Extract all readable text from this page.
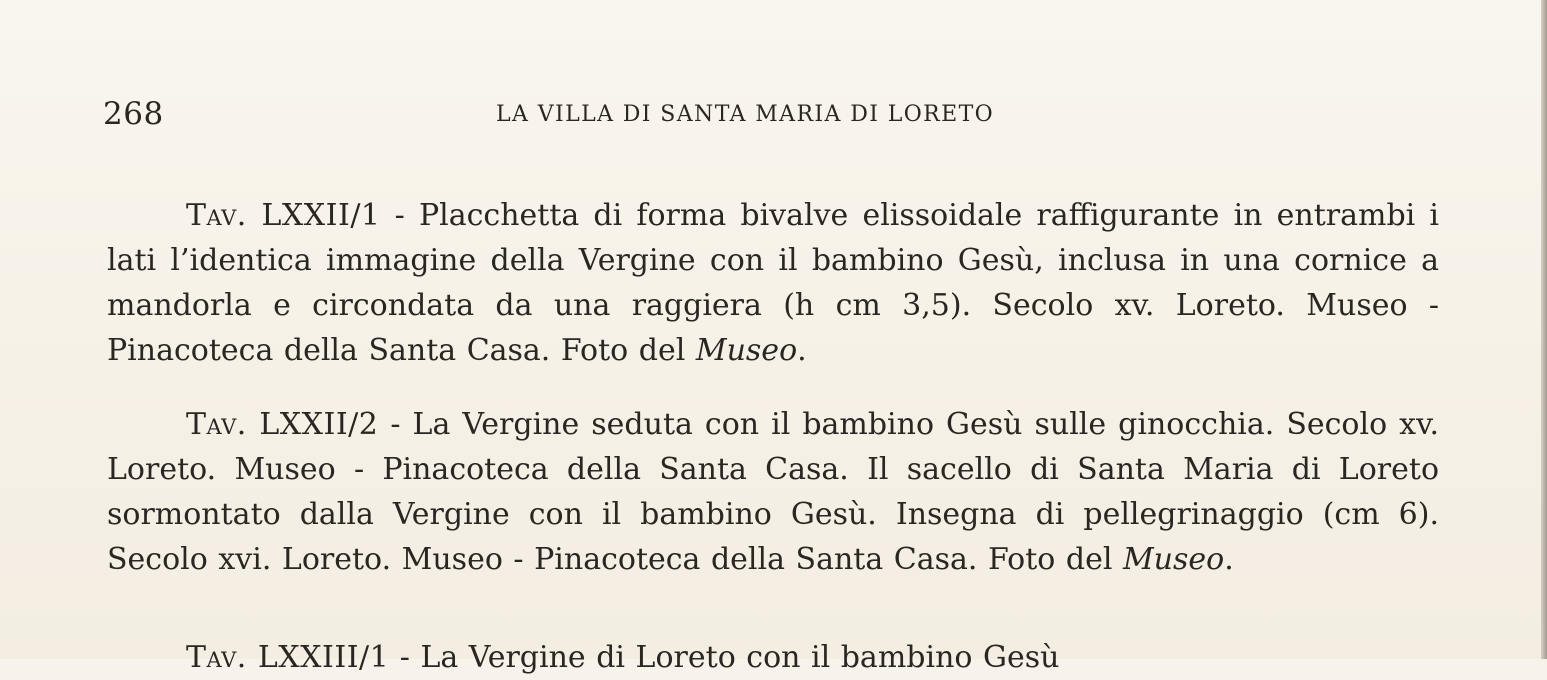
268	LA VILLA DI SANTA MARIA DI LORETO
Tav. LXXII/1 - Placchetta di forma bivalve elissoidale raffigurante in entrambi i lati l’identica immagine della Vergine con il bambino Gesù, inclusa in una cornice a mandorla e circondata da una raggiera (h cm 3,5). Secolo xv. Loreto. Museo - Pinacoteca della Santa Casa. Foto del Museo.
Tav. LXXII/2 - La Vergine seduta con il bambino Gesù sulle ginocchia. Secolo xv. Loreto. Museo - Pinacoteca della Santa Casa. Il sacello di Santa Maria di Loreto sormontato dalla Vergine con il bambino Gesù. Insegna di pellegrinaggio (cm 6). Secolo xvi. Loreto. Museo - Pinacoteca della Santa Casa. Foto del Museo.
Tav. LXXIII/1 - La Vergine di Loreto con il bambino Gesù
